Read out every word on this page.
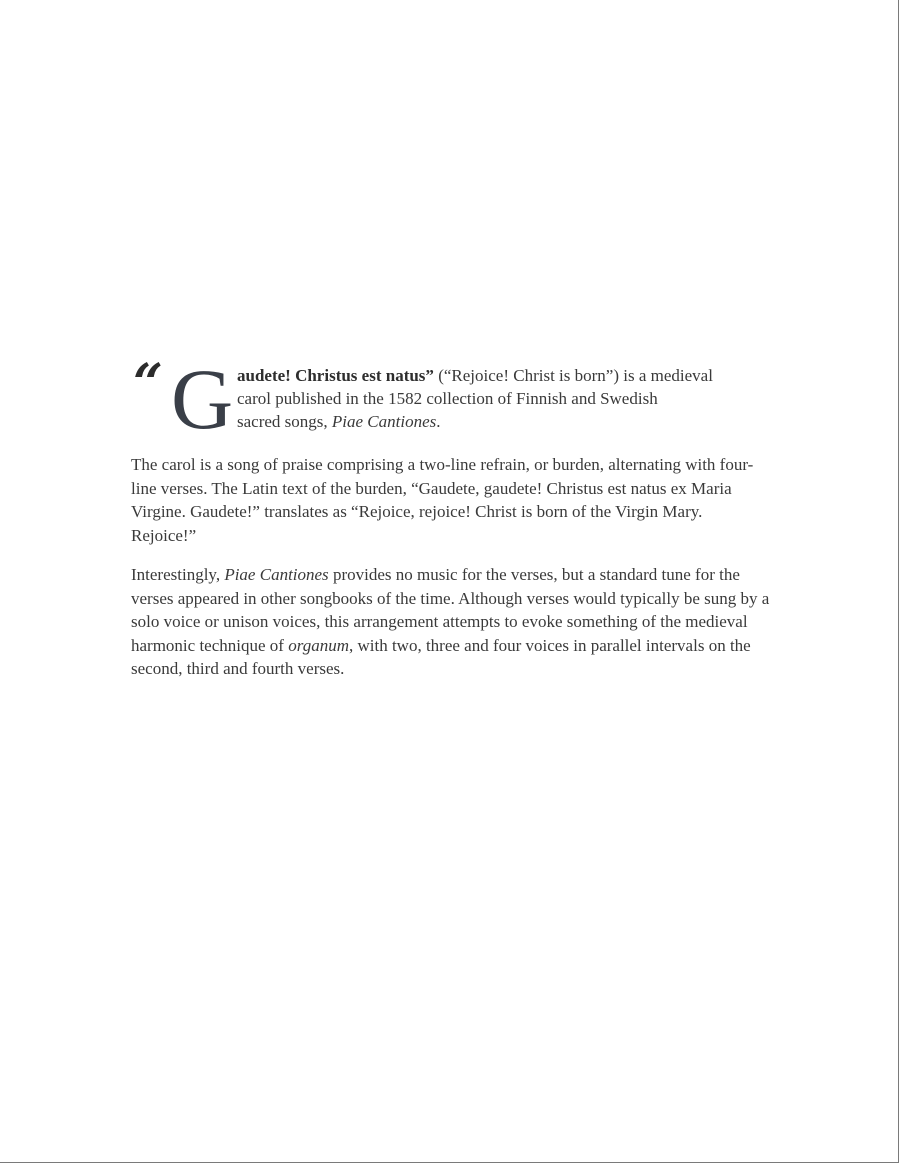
“ G audete! Christus est natus” (“Rejoice! Christ is born”) is a medieval
carol published in the 1582 collection of Finnish and Swedish
sacred songs, Piae Cantiones.

The carol is a song of praise comprising a two-line refrain, or burden, alternating with four-line verses. The Latin text of the burden, “Gaudete, gaudete! Christus est natus ex Maria Virgine. Gaudete!” translates as “Rejoice, rejoice! Christ is born of the Virgin Mary. Rejoice!”

Interestingly, Piae Cantiones provides no music for the verses, but a standard tune for the verses appeared in other songbooks of the time. Although verses would typically be sung by a solo voice or unison voices, this arrangement attempts to evoke something of the medieval harmonic technique of organum, with two, three and four voices in parallel intervals on the second, third and fourth verses.
